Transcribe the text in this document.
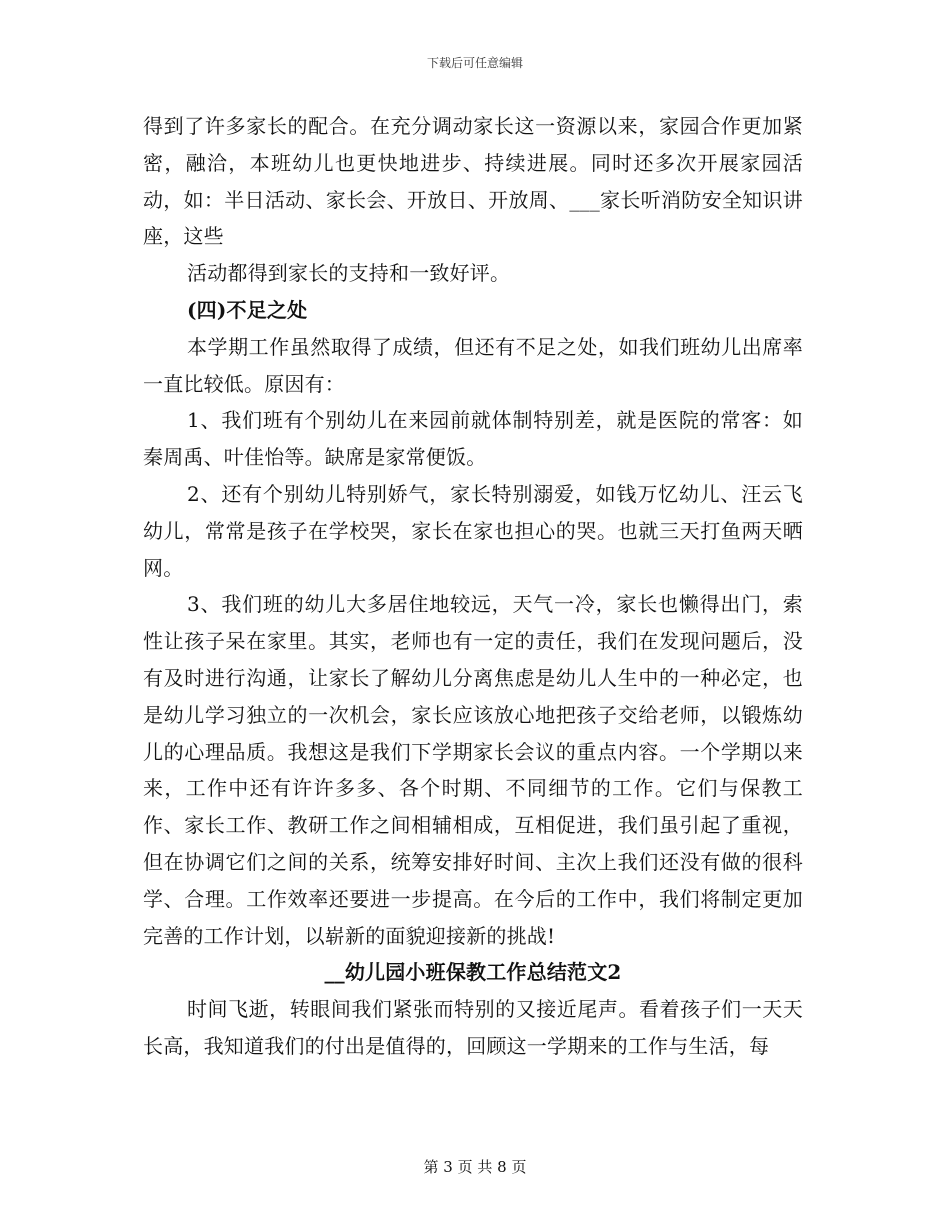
下载后可任意编辑

得到了许多家长的配合。在充分调动家长这一资源以来，家园合作更加紧密，融洽，本班幼儿也更快地进步、持续进展。同时还多次开展家园活动，如：半日活动、家长会、开放日、开放周、___家长听消防安全知识讲座，这些

活动都得到家长的支持和一致好评。

(四)不足之处

本学期工作虽然取得了成绩，但还有不足之处，如我们班幼儿出席率一直比较低。原因有：

1、我们班有个别幼儿在来园前就体制特别差，就是医院的常客：如秦周禹、叶佳怡等。缺席是家常便饭。

2、还有个别幼儿特别娇气，家长特别溺爱，如钱万忆幼儿、汪云飞幼儿，常常是孩子在学校哭，家长在家也担心的哭。也就三天打鱼两天晒网。

3、我们班的幼儿大多居住地较远，天气一冷，家长也懒得出门，索性让孩子呆在家里。其实，老师也有一定的责任，我们在发现问题后，没有及时进行沟通，让家长了解幼儿分离焦虑是幼儿人生中的一种必定，也是幼儿学习独立的一次机会，家长应该放心地把孩子交给老师，以锻炼幼儿的心理品质。我想这是我们下学期家长会议的重点内容。一个学期以来来，工作中还有许许多多、各个时期、不同细节的工作。它们与保教工作、家长工作、教研工作之间相辅相成，互相促进，我们虽引起了重视，但在协调它们之间的关系，统筹安排好时间、主次上我们还没有做的很科学、合理。工作效率还要进一步提高。在今后的工作中，我们将制定更加完善的工作计划，以崭新的面貌迎接新的挑战!

__幼儿园小班保教工作总结范文2

时间飞逝，转眼间我们紧张而特别的又接近尾声。看着孩子们一天天长高，我知道我们的付出是值得的，回顾这一学期来的工作与生活，每

第 3 页 共 8 页
